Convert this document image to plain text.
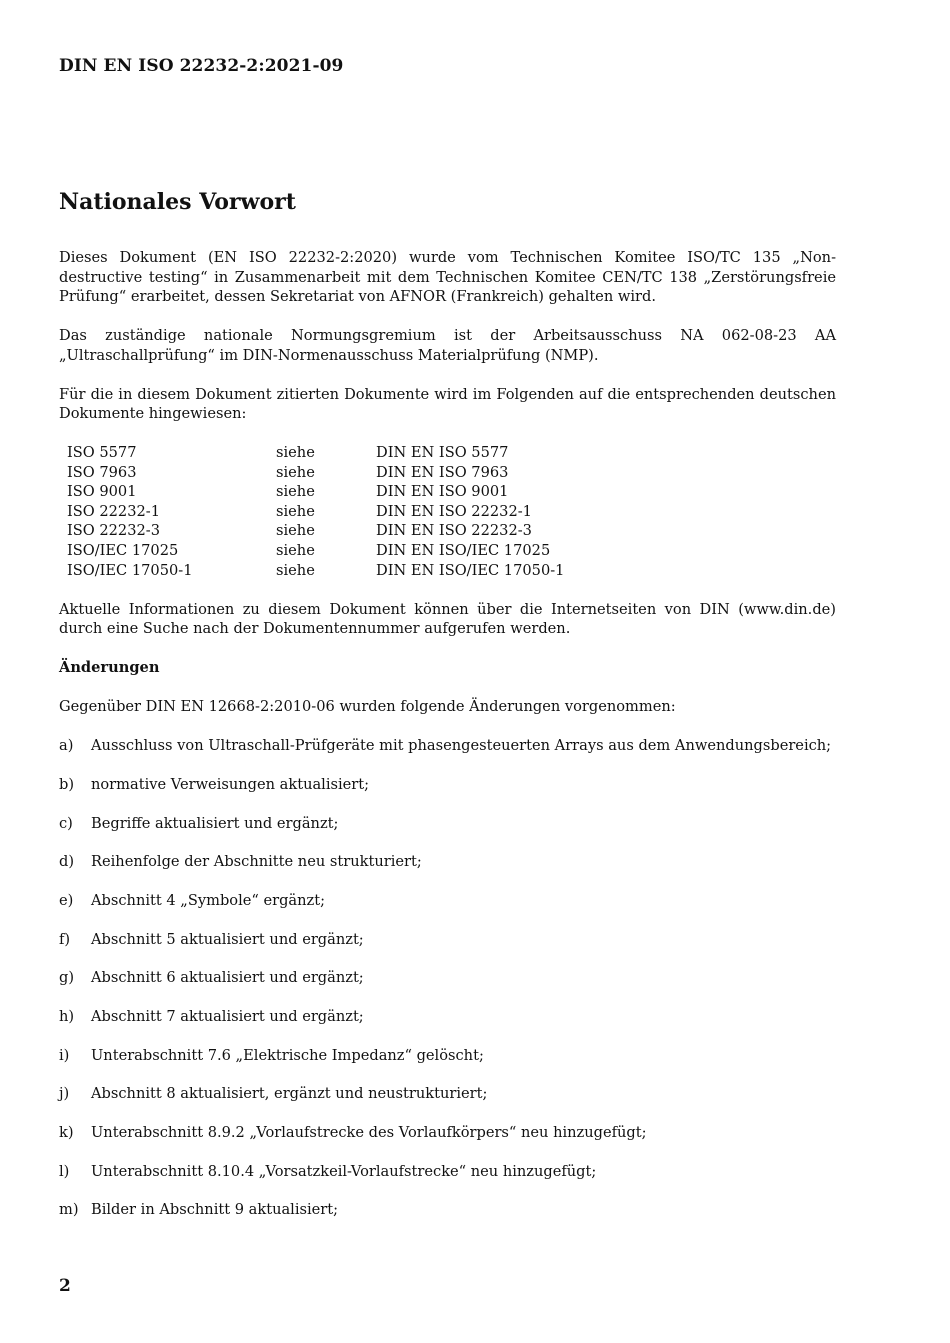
DIN EN ISO 22232-2:2021-09
Nationales Vorwort

Dieses Dokument (EN ISO 22232-2:2020) wurde vom Technischen Komitee ISO/TC 135 „Non-destructive testing“ in Zusammenarbeit mit dem Technischen Komitee CEN/TC 138 „Zerstörungsfreie Prüfung“ erarbeitet, dessen Sekretariat von AFNOR (Frankreich) gehalten wird.

Das zuständige nationale Normungsgremium ist der Arbeitsausschuss NA 062-08-23 AA „Ultraschallprüfung“ im DIN-Normenausschuss Materialprüfung (NMP).

Für die in diesem Dokument zitierten Dokumente wird im Folgenden auf die entsprechenden deutschen Dokumente hingewiesen:

ISO 5577	siehe	DIN EN ISO 5577
ISO 7963	siehe	DIN EN ISO 7963
ISO 9001	siehe	DIN EN ISO 9001
ISO 22232-1	siehe	DIN EN ISO 22232-1
ISO 22232-3	siehe	DIN EN ISO 22232-3
ISO/IEC 17025	siehe	DIN EN ISO/IEC 17025
ISO/IEC 17050-1	siehe	DIN EN ISO/IEC 17050-1

Aktuelle Informationen zu diesem Dokument können über die Internetseiten von DIN (www.din.de) durch eine Suche nach der Dokumentennummer aufgerufen werden.

Änderungen

Gegenüber DIN EN 12668-2:2010-06 wurden folgende Änderungen vorgenommen:

a)	Ausschluss von Ultraschall-Prüfgeräte mit phasengesteuerten Arrays aus dem Anwendungsbereich;
b)	normative Verweisungen aktualisiert;
c)	Begriffe aktualisiert und ergänzt;
d)	Reihenfolge der Abschnitte neu strukturiert;
e)	Abschnitt 4 „Symbole“ ergänzt;
f)	Abschnitt 5 aktualisiert und ergänzt;
g)	Abschnitt 6 aktualisiert und ergänzt;
h)	Abschnitt 7 aktualisiert und ergänzt;
i)	Unterabschnitt 7.6 „Elektrische Impedanz“ gelöscht;
j)	Abschnitt 8 aktualisiert, ergänzt und neustrukturiert;
k)	Unterabschnitt 8.9.2 „Vorlaufstrecke des Vorlaufkörpers“ neu hinzugefügt;
l)	Unterabschnitt 8.10.4 „Vorsatzkeil-Vorlaufstrecke“ neu hinzugefügt;
m) Bilder in Abschnitt 9 aktualisiert;
2
